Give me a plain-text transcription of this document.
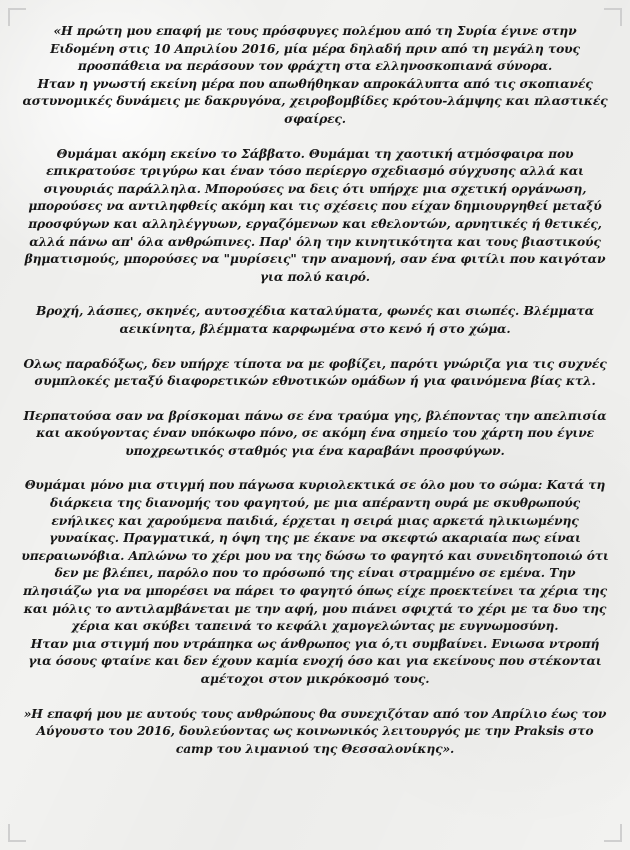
«Η πρώτη μου επαφή με τους πρόσφυγες πολέμου από τη Συρία έγινε στην Ειδομένη στις 10 Απριλίου 2016, μία μέρα δηλαδή πριν από τη μεγάλη τους προσπάθεια να περάσουν τον φράχτη στα ελληνοσκοπιανά σύνορα.

Ηταν η γνωστή εκείνη μέρα που απωθήθηκαν απροκάλυπτα από τις σκοπιανές αστυνομικές δυνάμεις με δακρυγόνα, χειροβομβίδες κρότου-λάμψης και πλαστικές σφαίρες.

Θυμάμαι ακόμη εκείνο το Σάββατο. Θυμάμαι τη χαοτική ατμόσφαιρα που επικρατούσε τριγύρω και έναν τόσο περίεργο σχεδιασμό σύγχυσης αλλά και σιγουριάς παράλληλα. Μπορούσες να δεις ότι υπήρχε μια σχετική οργάνωση, μπορούσες να αντιληφθείς ακόμη και τις σχέσεις που είχαν δημιουργηθεί μεταξύ προσφύγων και αλληλέγγυων, εργαζόμενων και εθελοντών, αρνητικές ή θετικές, αλλά πάνω απ' όλα ανθρώπινες. Παρ' όλη την κινητικότητα και τους βιαστικούς βηματισμούς, μπορούσες να "μυρίσεις" την αναμονή, σαν ένα φιτίλι που καιγόταν για πολύ καιρό.

Βροχή, λάσπες, σκηνές, αυτοσχέδια καταλύματα, φωνές και σιωπές. Βλέμματα αεικίνητα, βλέμματα καρφωμένα στο κενό ή στο χώμα.

Ολως παραδόξως, δεν υπήρχε τίποτα να με φοβίζει, παρότι γνώριζα για τις συχνές συμπλοκές μεταξύ διαφορετικών εθνοτικών ομάδων ή για φαινόμενα βίας κτλ.

Περπατούσα σαν να βρίσκομαι πάνω σε ένα τραύμα γης, βλέποντας την απελπισία και ακούγοντας έναν υπόκωφο πόνο, σε ακόμη ένα σημείο του χάρτη που έγινε υποχρεωτικός σταθμός για ένα καραβάνι προσφύγων.

Θυμάμαι μόνο μια στιγμή που πάγωσα κυριολεκτικά σε όλο μου το σώμα: Κατά τη διάρκεια της διανομής του φαγητού, με μια απέραντη ουρά με σκυθρωπούς ενήλικες και χαρούμενα παιδιά, έρχεται η σειρά μιας αρκετά ηλικιωμένης γυναίκας. Πραγματικά, η όψη της με έκανε να σκεφτώ ακαριαία πως είναι υπεραιωνόβια. Απλώνω το χέρι μου να της δώσω το φαγητό και συνειδητοποιώ ότι δεν με βλέπει, παρόλο που το πρόσωπό της είναι στραμμένο σε εμένα. Την πλησιάζω για να μπορέσει να πάρει το φαγητό όπως είχε προεκτείνει τα χέρια της και μόλις το αντιλαμβάνεται με την αφή, μου πιάνει σφιχτά το χέρι με τα δυο της χέρια και σκύβει ταπεινά το κεφάλι χαμογελώντας με ευγνωμοσύνη.

Ηταν μια στιγμή που ντράπηκα ως άνθρωπος για ό,τι συμβαίνει. Ενιωσα ντροπή για όσους φταίνε και δεν έχουν καμία ενοχή όσο και για εκείνους που στέκονται αμέτοχοι στον μικρόκοσμό τους.

»Η επαφή μου με αυτούς τους ανθρώπους θα συνεχιζόταν από τον Απρίλιο έως τον Αύγουστο του 2016, δουλεύοντας ως κοινωνικός λειτουργός με την Praksis στο camp του λιμανιού της Θεσσαλονίκης».
